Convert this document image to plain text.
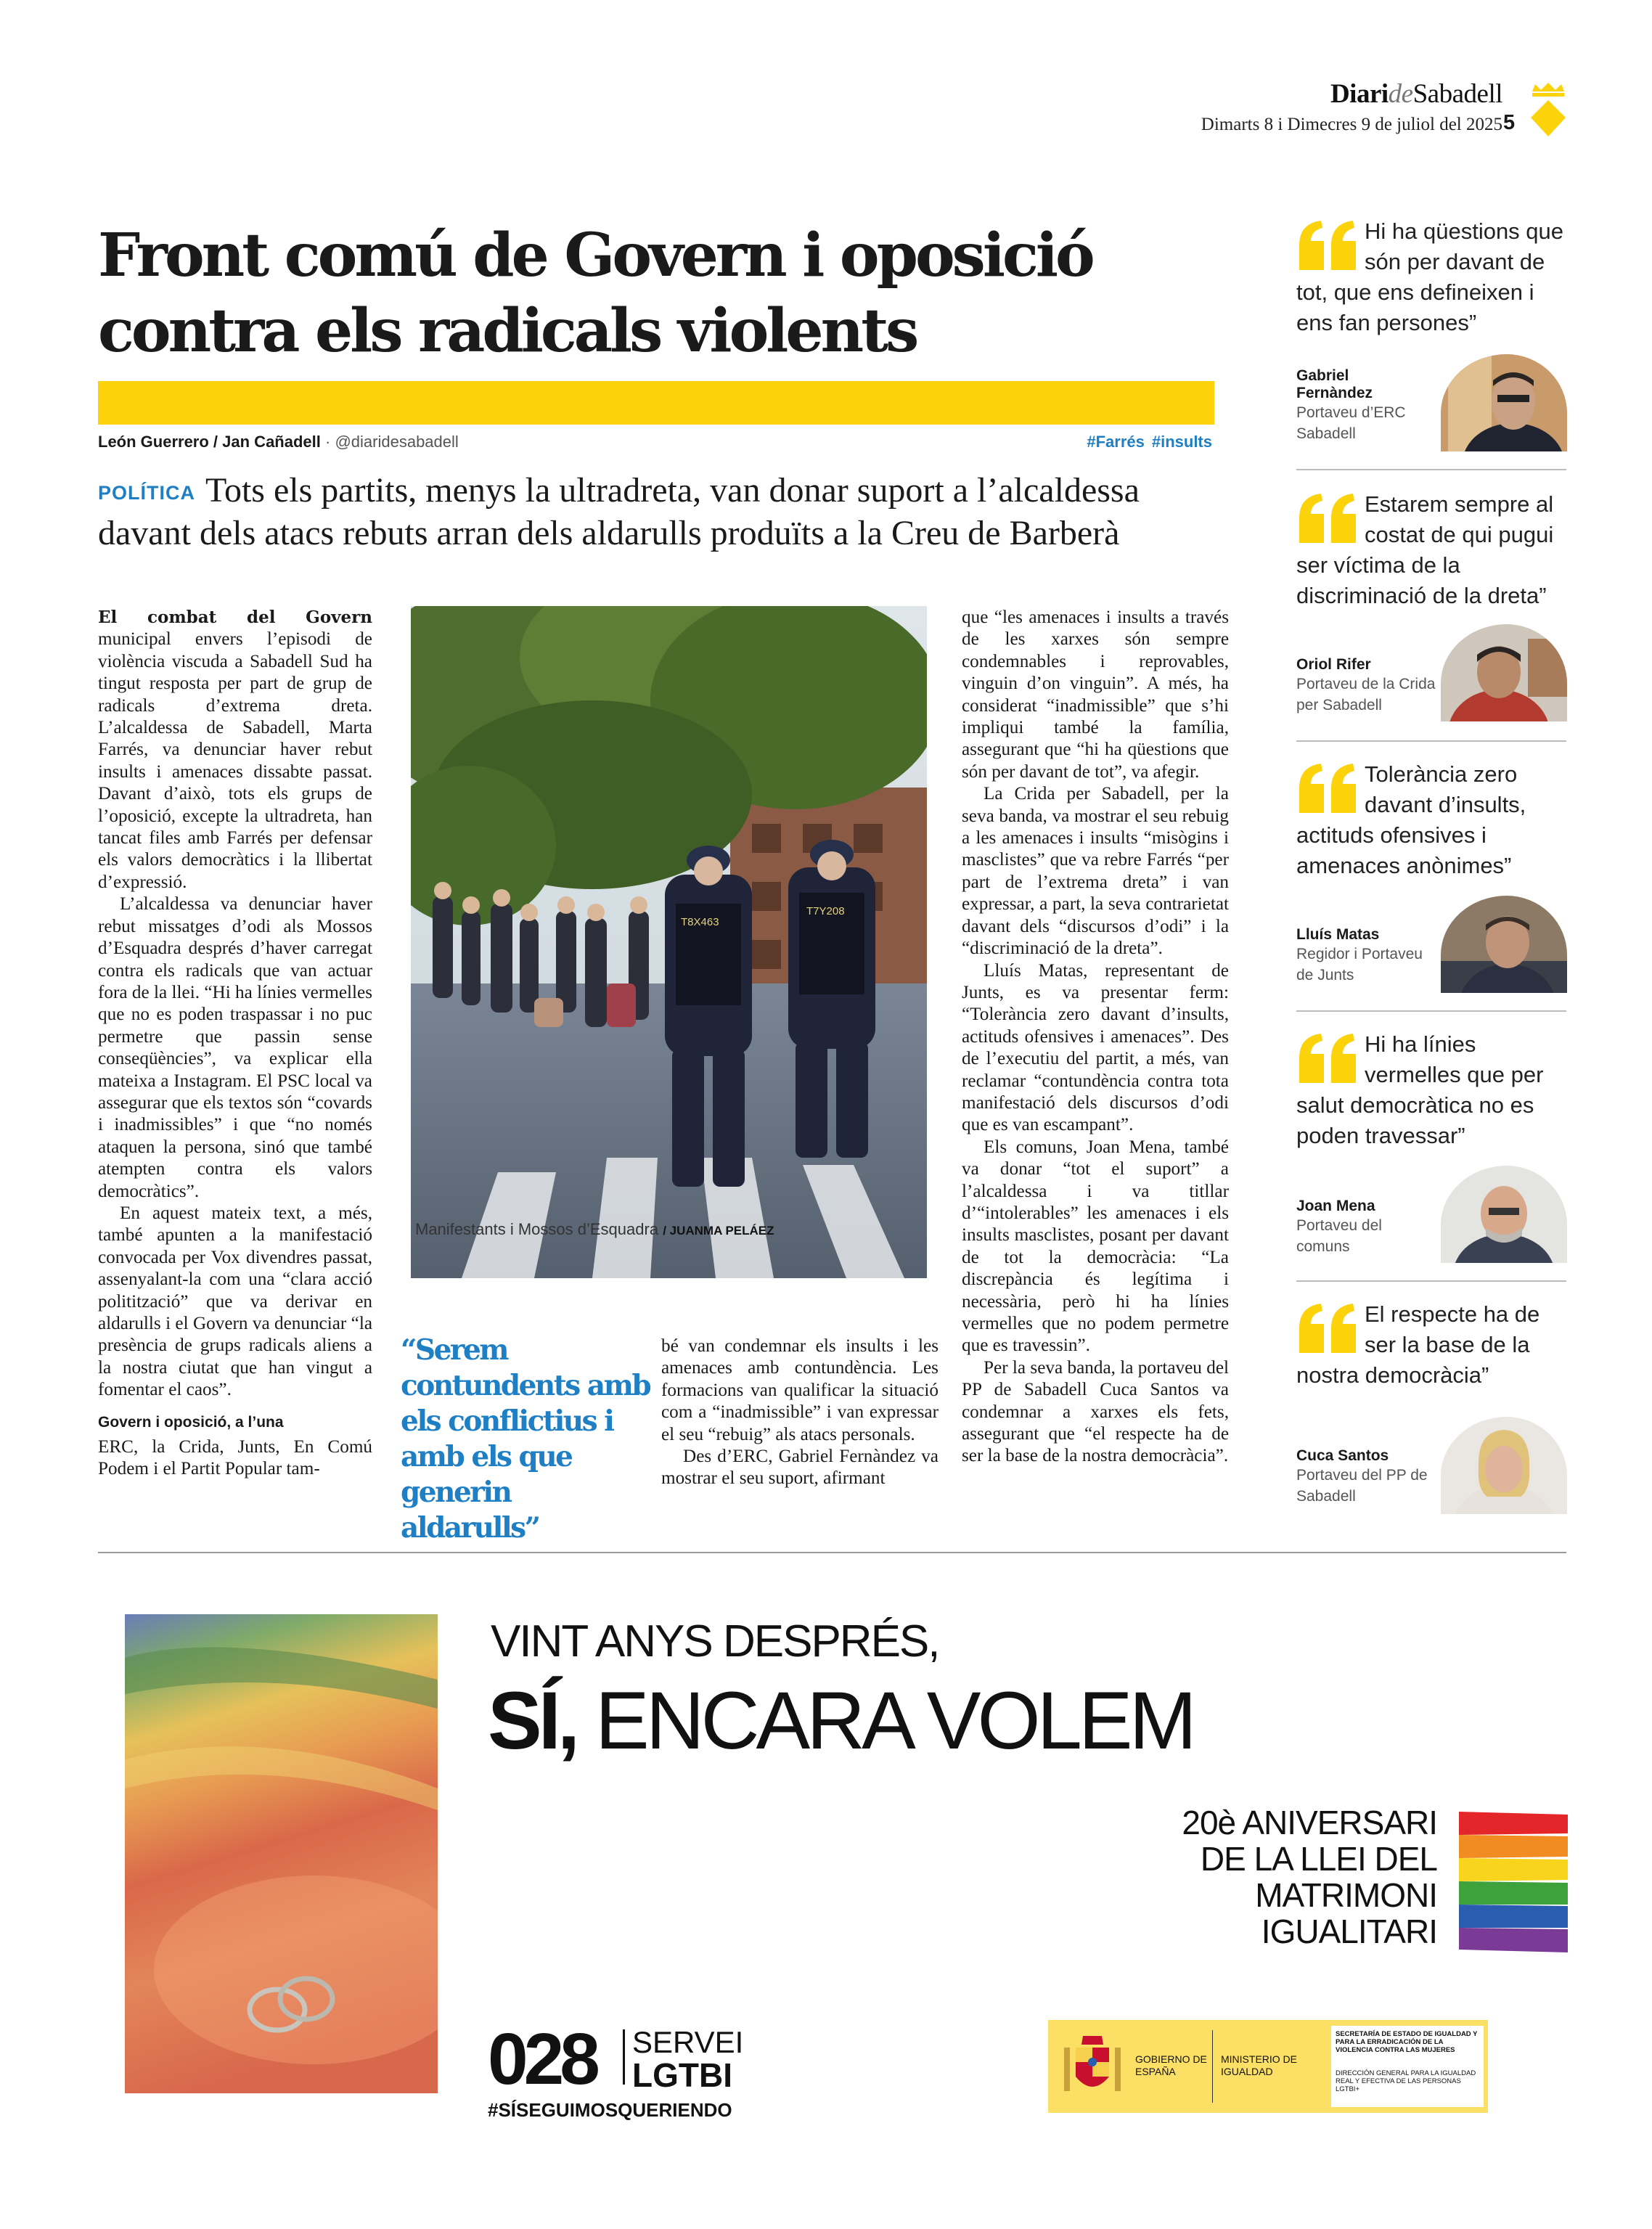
DiarideSabadell
Dimarts 8 i Dimecres 9 de juliol del 2025 5
Front comú de Govern i oposició
contra els radicals violents
León Guerrero / Jan Cañadell · @diaridesabadell	#Farrés #insults

POLÍTICA Tots els partits, menys la ultradreta, van donar suport a l’alcaldessa davant dels atacs rebuts arran dels aldarulls produïts a la Creu de Barberà

El combat del Govern municipal envers l’episodi de violència viscuda a Sabadell Sud ha tingut resposta per part de grup de radicals d’extrema dreta. L’alcaldessa de Sabadell, Marta Farrés, va denunciar haver rebut insults i amenaces dissabte passat. Davant d’això, tots els grups de l’oposició, excepte la ultradreta, han tancat files amb Farrés per defensar els valors democràtics i la llibertat d’expressió.

L’alcaldessa va denunciar haver rebut missatges d’odi als Mossos d’Esquadra després d’haver carregat contra els radicals que van actuar fora de la llei. “Hi ha línies vermelles que no es poden traspassar i no puc permetre que passin sense conseqüències”, va explicar ella mateixa a Instagram. El PSC local va assegurar que els textos són “covards i inadmissibles” i que “no només ataquen la persona, sinó que també atempten contra els valors democràtics”.

En aquest mateix text, a més, també apunten a la manifestació convocada per Vox divendres passat, assenyalant-la com una “clara acció politització” que va derivar en aldarulls i el Govern va denunciar “la presència de grups radicals aliens a la nostra ciutat que han vingut a fomentar el caos”.

Govern i oposició, a l’una

ERC, la Crida, Junts, En Comú Podem i el Partit Popular tam-

T8X463
T7Y208
Manifestants i Mossos d’Esquadra / JUANMA PELÁEZ

“Serem contundents amb els conflictius i amb els que generin aldarulls”

bé van condemnar els insults i les amenaces amb contundència. Les formacions van qualificar la situació com a “inadmissible” i van expressar el seu “rebuig” als atacs personals.

Des d’ERC, Gabriel Fernàndez va mostrar el seu suport, afirmant

que “les amenaces i insults a través de les xarxes són sempre condemnables i reprovables, vinguin d’on vinguin”. A més, ha considerat “inadmissible” que s’hi impliqui també la família, assegurant que “hi ha qüestions que són per davant de tot”, va afegir.

La Crida per Sabadell, per la seva banda, va mostrar el seu rebuig a les amenaces i insults “misògins i masclistes” que va rebre Farrés “per part de l’extrema dreta” i van expressar, a part, la seva contrarietat davant dels “discursos d’odi” i la “discriminació de la dreta”.

Lluís Matas, representant de Junts, es va presentar ferm: “Tolerància zero davant d’insults, actituds ofensives i amenaces”. Des de l’executiu del partit, a més, van reclamar “contundència contra tota manifestació dels discursos d’odi que es van escampant”.

Els comuns, Joan Mena, també va donar “tot el suport” a l’alcaldessa i va titllar d’“intolerables” les amenaces i els insults masclistes, posant per davant de tot la democràcia: “La discrepància és legítima i necessària, però hi ha línies vermelles que no podem permetre que es travessin”.

Per la seva banda, la portaveu del PP de Sabadell Cuca Santos va condemnar a xarxes els fets, assegurant que “el respecte ha de ser la base de la nostra democràcia”.

Hi ha qüestions que són per davant de tot, que ens defineixen i ens fan persones”
Gabriel Fernàndez
Portaveu d’ERC Sabadell
Estarem sempre al costat de qui pugui ser víctima de la discriminació de la dreta”
Oriol Rifer
Portaveu de la Crida per Sabadell
Tolerància zero davant d’insults, actituds ofensives i amenaces anònimes”
Lluís Matas
Regidor i Portaveu de Junts
Hi ha línies vermelles que per salut democràtica no es poden travessar”
Joan Mena
Portaveu del comuns
El respecte ha de ser la base de la nostra democràcia”
Cuca Santos
Portaveu del PP de Sabadell
VINT ANYS DESPRÉS,
SÍ, ENCARA VOLEM
20è ANIVERSARI
DE LA LLEI DEL
MATRIMONI
IGUALITARI
028 SERVEI
LGTBI
#SÍSEGUIMOSQUERIENDO
GOBIERNO DE ESPAÑA
MINISTERIO DE IGUALDAD
SECRETARÍA DE ESTADO DE IGUALDAD Y PARA LA ERRADICACIÓN DE LA VIOLENCIA CONTRA LAS MUJERES
DIRECCIÓN GENERAL PARA LA IGUALDAD REAL Y EFECTIVA DE LAS PERSONAS LGTBI+
